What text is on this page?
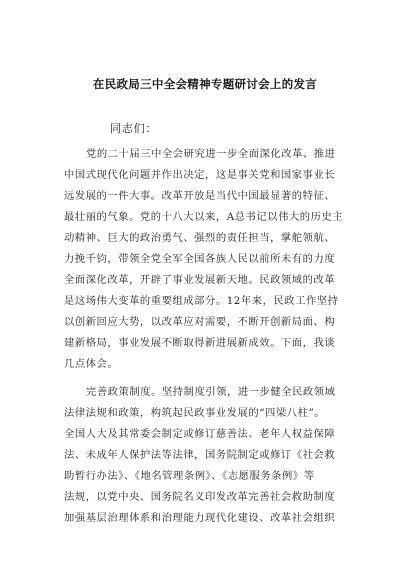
在民政局三中全会精神专题研讨会上的发言
同志们：
党的二十届三中全会研究进一步全面深化改革、推进
中国式现代化问题并作出决定，这是事关党和国家事业长
远发展的一件大事。改革开放是当代中国最显著的特征、
最壮丽的气象。党的十八大以来，A总书记以伟大的历史主
动精神、巨大的政治勇气、强烈的责任担当，掌舵领航、
力挽千钧，带领全党全军全国各族人民以前所未有的力度
全面深化改革，开辟了事业发展新天地。民政领域的改革
是这场伟大变革的重要组成部分。12年来，民政工作坚持
以创新回应大势，以改革应对需要，不断开创新局面、构
建新格局，事业发展不断取得新进展新成效。下面，我谈
几点体会。
完善政策制度。坚持制度引领，进一步健全民政领域
法律法规和政策，构筑起民政事业发展的“四梁八柱”。
全国人大及其常委会制定或修订慈善法、老年人权益保障
法、未成年人保护法等法律，国务院制定或修订《社会救
助暂行办法》、《地名管理条例》、《志愿服务条例》等
法规，以党中央、国务院名义印发改革完善社会救助制度
加强基层治理体系和治理能力现代化建设、改革社会组织
